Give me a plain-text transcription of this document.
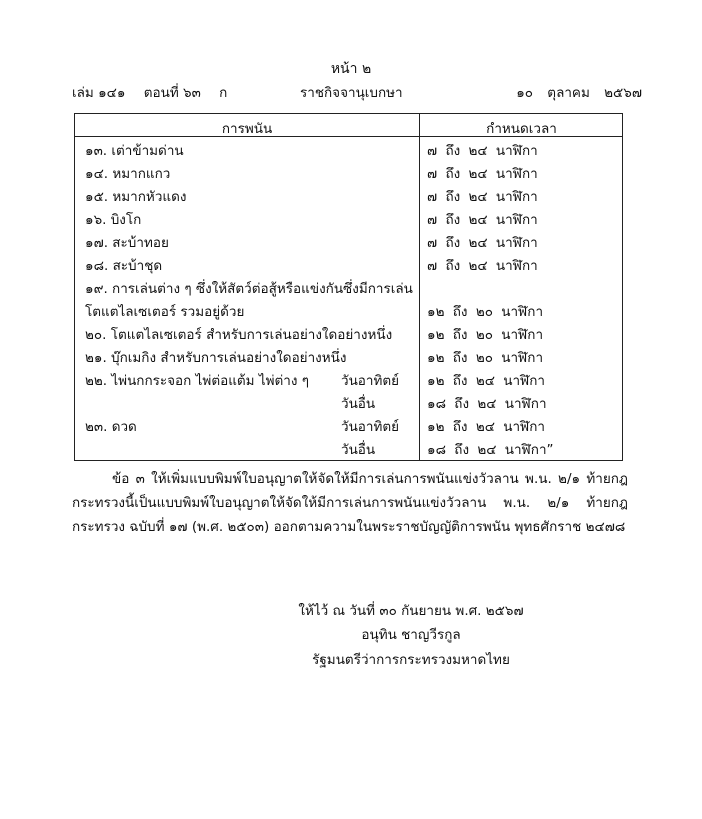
หน้า ๒
เล่ม ๑๔๑ ตอนที่ ๖๓ ก	ราชกิจจานุเบกษา	๑๐ ตุลาคม ๒๕๖๗
การพนัน	กำหนดเวลา
๑๓. เต่าข้ามด่าน	๗ ถึง ๒๔ นาฬิกา
๑๔. หมากแกว	๗ ถึง ๒๔ นาฬิกา
๑๕. หมากหัวแดง	๗ ถึง ๒๔ นาฬิกา
๑๖. บิงโก	๗ ถึง ๒๔ นาฬิกา
๑๗. สะบ้าทอย	๗ ถึง ๒๔ นาฬิกา
๑๘. สะบ้าชุด	๗ ถึง ๒๔ นาฬิกา
๑๙. การเล่นต่าง ๆ ซึ่งให้สัตว์ต่อสู้หรือแข่งกันซึ่งมีการเล่น
โตแตไลเซเตอร์ รวมอยู่ด้วย	๑๒ ถึง ๒๐ นาฬิกา
๒๐. โตแตไลเซเตอร์ สำหรับการเล่นอย่างใดอย่างหนึ่ง	๑๒ ถึง ๒๐ นาฬิกา
๒๑. บุ๊กเมกิง สำหรับการเล่นอย่างใดอย่างหนึ่ง	๑๒ ถึง ๒๐ นาฬิกา
๒๒. ไพ่นกกระจอก ไพ่ต่อแต้ม ไพ่ต่าง ๆ วันอาทิตย์ ๑๒ ถึง ๒๔ นาฬิกา
วันอื่น	๑๘ ถึง ๒๔ นาฬิกา
๒๓. ดวด	วันอาทิตย์ ๑๒ ถึง ๒๔ นาฬิกา
วันอื่น	๑๘ ถึง ๒๔ นาฬิกา”
ข้อ ๓ ให้เพิ่มแบบพิมพ์ใบอนุญาตให้จัดให้มีการเล่นการพนันแข่งวัวลาน พ.น. ๒/๑ ท้ายกฎกระทรวงนี้เป็นแบบพิมพ์ใบอนุญาตให้จัดให้มีการเล่นการพนันแข่งวัวลาน พ.น. ๒/๑ ท้ายกฎกระทรวง ฉบับที่ ๑๗ (พ.ศ. ๒๕๐๓) ออกตามความในพระราชบัญญัติการพนัน พุทธศักราช ๒๔๗๘
ให้ไว้ ณ วันที่ ๓๐ กันยายน พ.ศ. ๒๕๖๗
อนุทิน ชาญวีรกูล
รัฐมนตรีว่าการกระทรวงมหาดไทย
